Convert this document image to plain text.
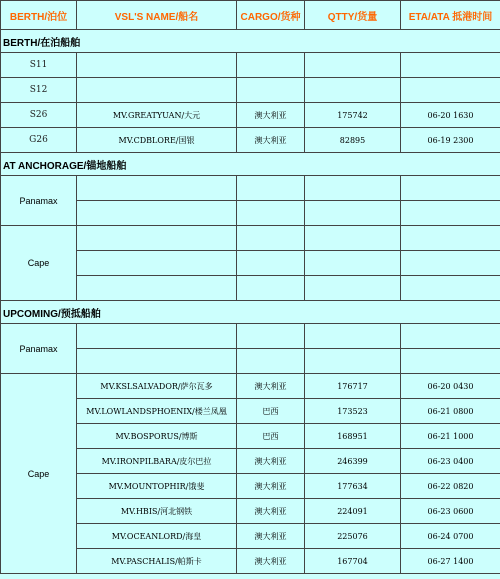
BERTH/泊位	VSL'S NAME/船名	CARGO/货种	QTTY/货量	ETA/ATA 抵港时间
BERTH/在泊船舶				
S11				
S12				
S26	MV.GREATYUAN/大元	澳大利亚	175742	06-20 1630
G26	MV.CDBLORE/国银	澳大利亚	82895	06-19 2300
AT ANCHORAGE/锚地船舶				
Panamax				

Cape				

UPCOMING/预抵船舶				
Panamax				

Cape	MV.KSLSALVADOR/萨尔瓦多	澳大利亚	176717	06-20 0430
	MV.LOWLANDSPHOENIX/楼兰凤凰	巴西	173523	06-21 0800
	MV.BOSPORUS/博斯	巴西	168951	06-21 1000
	MV.IRONPILBARA/皮尔巴拉	澳大利亚	246399	06-23 0400
	MV.MOUNTOPHIR/饿斐	澳大利亚	177634	06-22 0820
	MV.HBIS/河北钢铁	澳大利亚	224091	06-23 0600
	MV.OCEANLORD/海皇	澳大利亚	225076	06-24 0700
	MV.PASCHALIS/帕斯卡	澳大利亚	167704	06-27 1400
